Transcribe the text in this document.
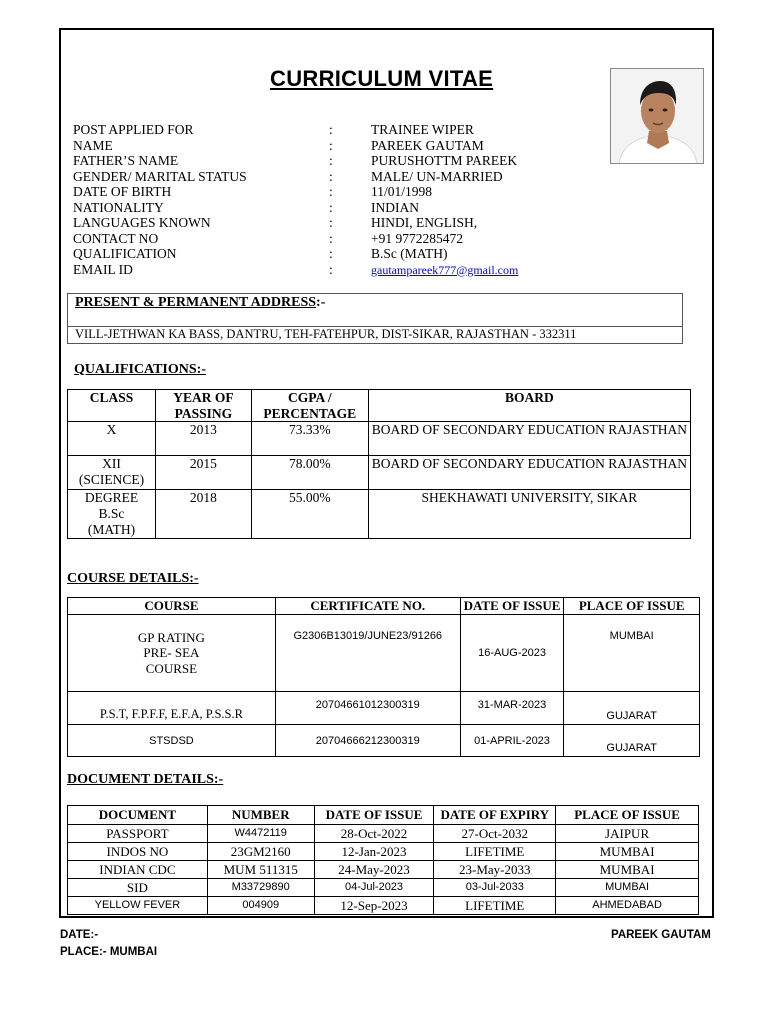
CURRICULUM VITAE
POST APPLIED FOR	:	TRAINEE WIPER
NAME	:	PAREEK GAUTAM
FATHER’S NAME	:	PURUSHOTTM PAREEK
GENDER/ MARITAL STATUS	:	MALE/ UN-MARRIED
DATE OF BIRTH	:	11/01/1998
NATIONALITY	:	INDIAN
LANGUAGES KNOWN	:	HINDI, ENGLISH,
CONTACT NO	:	+91 9772285472
QUALIFICATION	:	B.Sc (MATH)
EMAIL ID	:	gautampareek777@gmail.com
PRESENT & PERMANENT ADDRESS:-
VILL-JETHWAN KA BASS, DANTRU, TEH-FATEHPUR, DIST-SIKAR, RAJASTHAN - 332311
QUALIFICATIONS:-
CLASS	YEAR OF PASSING	CGPA / PERCENTAGE	BOARD
X	2013	73.33%	BOARD OF SECONDARY EDUCATION RAJASTHAN
XII (SCIENCE)	2015	78.00%	BOARD OF SECONDARY EDUCATION RAJASTHAN
DEGREE B.Sc (MATH)	2018	55.00%	SHEKHAWATI UNIVERSITY, SIKAR
COURSE DETAILS:-
COURSE	CERTIFICATE NO.	DATE OF ISSUE	PLACE OF ISSUE
GP RATING PRE- SEA COURSE	G2306B13019/JUNE23/91266	16-AUG-2023	MUMBAI
P.S.T, F.P.F.F, E.F.A, P.S.S.R	20704661012300319	31-MAR-2023	GUJARAT
STSDSD	20704666212300319	01-APRIL-2023	GUJARAT
DOCUMENT DETAILS:-
DOCUMENT	NUMBER	DATE OF ISSUE	DATE OF EXPIRY	PLACE OF ISSUE
PASSPORT	W4472119	28-Oct-2022	27-Oct-2032	JAIPUR
INDOS NO	23GM2160	12-Jan-2023	LIFETIME	MUMBAI
INDIAN CDC	MUM 511315	24-May-2023	23-May-2033	MUMBAI
SID	M33729890	04-Jul-2023	03-Jul-2033	MUMBAI
YELLOW FEVER	004909	12-Sep-2023	LIFETIME	AHMEDABAD
DATE:-
PLACE:- MUMBAI
PAREEK GAUTAM
